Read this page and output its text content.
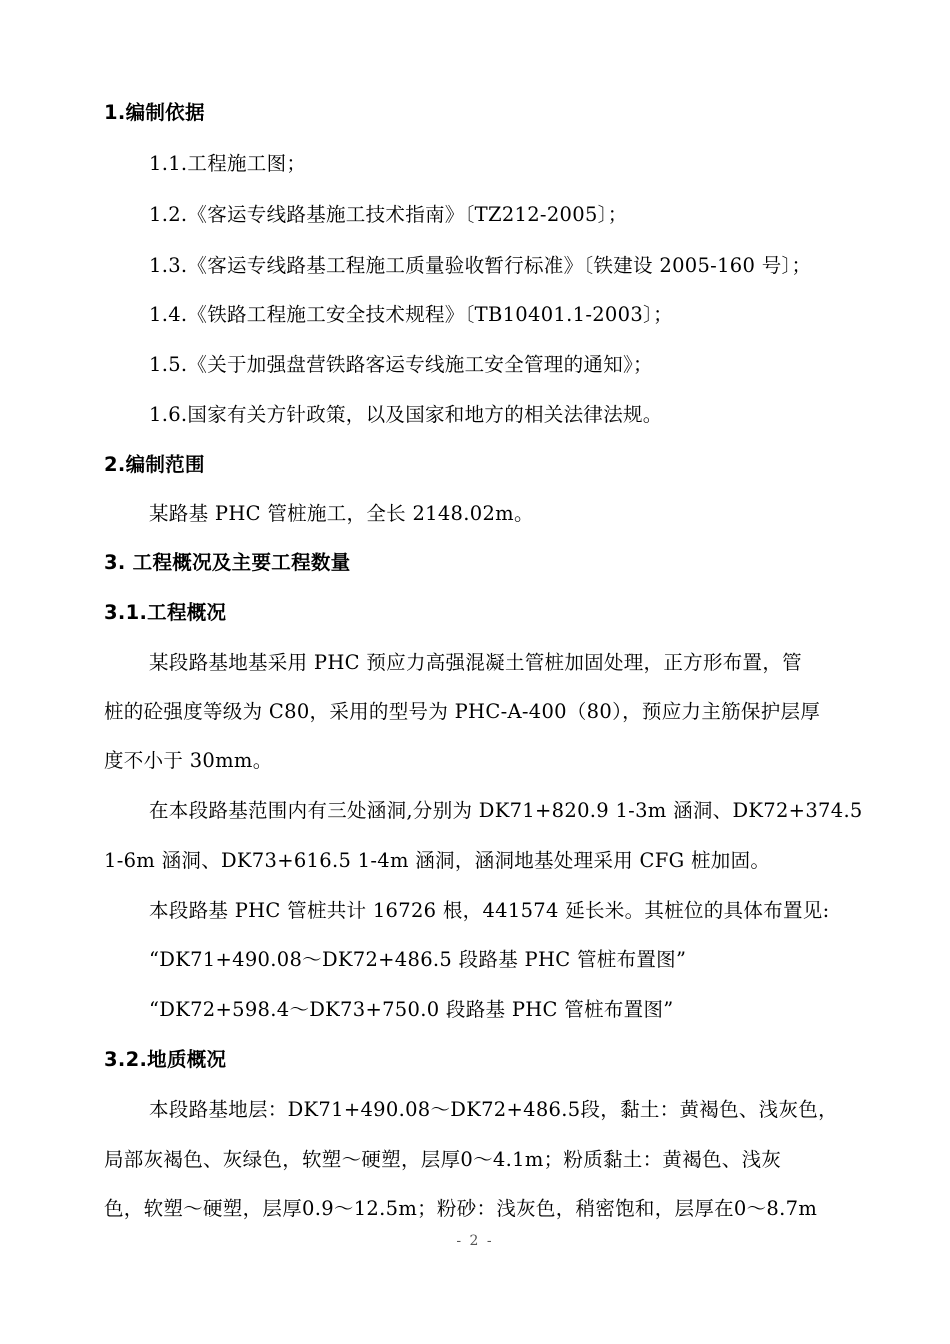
1.编制依据
1.1.工程施工图；
1.2.《客运专线路基施工技术指南》〔TZ212-2005〕；
1.3.《客运专线路基工程施工质量验收暂行标准》〔铁建设 2005-160 号〕；
1.4.《铁路工程施工安全技术规程》〔TB10401.1-2003〕；
1.5.《关于加强盘营铁路客运专线施工安全管理的通知》；
1.6.国家有关方针政策，以及国家和地方的相关法律法规。
2.编制范围
某路基 PHC 管桩施工，全长 2148.02m。
3. 工程概况及主要工程数量
3.1.工程概况
某段路基地基采用 PHC 预应力高强混凝土管桩加固处理，正方形布置，管
桩的砼强度等级为 C80，采用的型号为 PHC-A-400（80），预应力主筋保护层厚
度不小于 30mm。
在本段路基范围内有三处涵洞,分别为 DK71+820.9 1-3m 涵洞、DK72+374.5
1-6m 涵洞、DK73+616.5 1-4m 涵洞，涵洞地基处理采用 CFG 桩加固。
本段路基 PHC 管桩共计 16726 根，441574 延长米。其桩位的具体布置见:
“DK71+490.08～DK72+486.5 段路基 PHC 管桩布置图”
“DK72+598.4～DK73+750.0 段路基 PHC 管桩布置图”
3.2.地质概况
本段路基地层：DK71+490.08～DK72+486.5段，黏土：黄褐色、浅灰色，
局部灰褐色、灰绿色，软塑～硬塑，层厚0～4.1m；粉质黏土：黄褐色、浅灰
色，软塑～硬塑，层厚0.9～12.5m；粉砂：浅灰色，稍密饱和，层厚在0～8.7m
- 2 -
